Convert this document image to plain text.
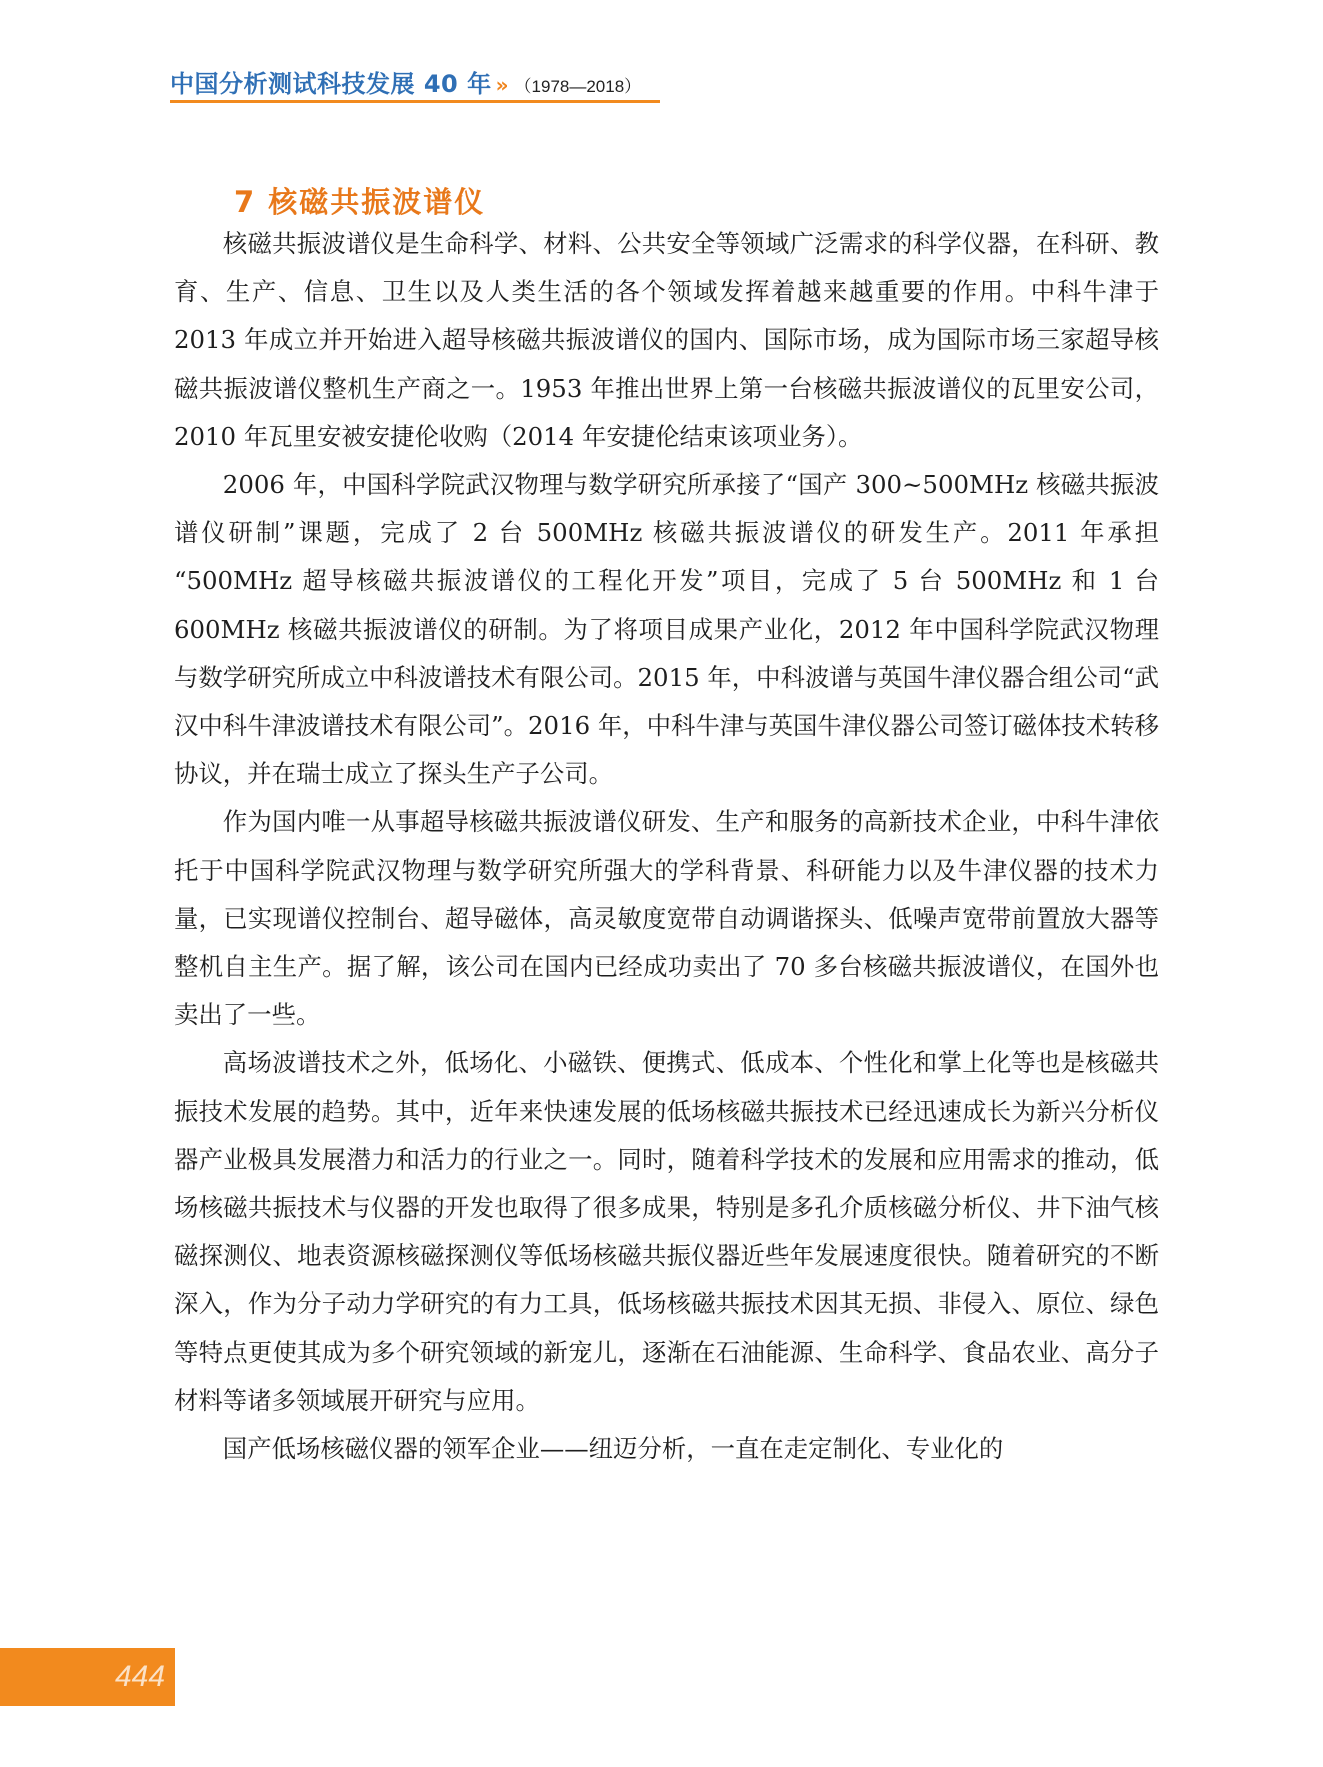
中国分析测试科技发展 40 年 » （1978—2018）
7 核磁共振波谱仪

核磁共振波谱仪是生命科学、材料、公共安全等领域广泛需求的科学仪器，在科研、教育、生产、信息、卫生以及人类生活的各个领域发挥着越来越重要的作用。中科牛津于2013 年成立并开始进入超导核磁共振波谱仪的国内、国际市场，成为国际市场三家超导核磁共振波谱仪整机生产商之一。1953 年推出世界上第一台核磁共振波谱仪的瓦里安公司，2010 年瓦里安被安捷伦收购（2014 年安捷伦结束该项业务）。

2006 年，中国科学院武汉物理与数学研究所承接了“国产 300~500MHz 核磁共振波谱仪研制”课题，完成了 2 台 500MHz 核磁共振波谱仪的研发生产。2011 年承担 “500MHz 超导核磁共振波谱仪的工程化开发”项目，完成了 5 台 500MHz 和 1 台 600MHz 核磁共振波谱仪的研制。为了将项目成果产业化，2012 年中国科学院武汉物理与数学研究所成立中科波谱技术有限公司。2015 年，中科波谱与英国牛津仪器合组公司“武汉中科牛津波谱技术有限公司”。2016 年，中科牛津与英国牛津仪器公司签订磁体技术转移协议，并在瑞士成立了探头生产子公司。

作为国内唯一从事超导核磁共振波谱仪研发、生产和服务的高新技术企业，中科牛津依托于中国科学院武汉物理与数学研究所强大的学科背景、科研能力以及牛津仪器的技术力量，已实现谱仪控制台、超导磁体，高灵敏度宽带自动调谐探头、低噪声宽带前置放大器等整机自主生产。据了解，该公司在国内已经成功卖出了 70 多台核磁共振波谱仪，在国外也卖出了一些。

高场波谱技术之外，低场化、小磁铁、便携式、低成本、个性化和掌上化等也是核磁共振技术发展的趋势。其中，近年来快速发展的低场核磁共振技术已经迅速成长为新兴分析仪器产业极具发展潜力和活力的行业之一。同时，随着科学技术的发展和应用需求的推动，低场核磁共振技术与仪器的开发也取得了很多成果，特别是多孔介质核磁分析仪、井下油气核磁探测仪、地表资源核磁探测仪等低场核磁共振仪器近些年发展速度很快。随着研究的不断深入，作为分子动力学研究的有力工具，低场核磁共振技术因其无损、非侵入、原位、绿色等特点更使其成为多个研究领域的新宠儿，逐渐在石油能源、生命科学、食品农业、高分子材料等诸多领域展开研究与应用。

国产低场核磁仪器的领军企业——纽迈分析，一直在走定制化、专业化的

444
